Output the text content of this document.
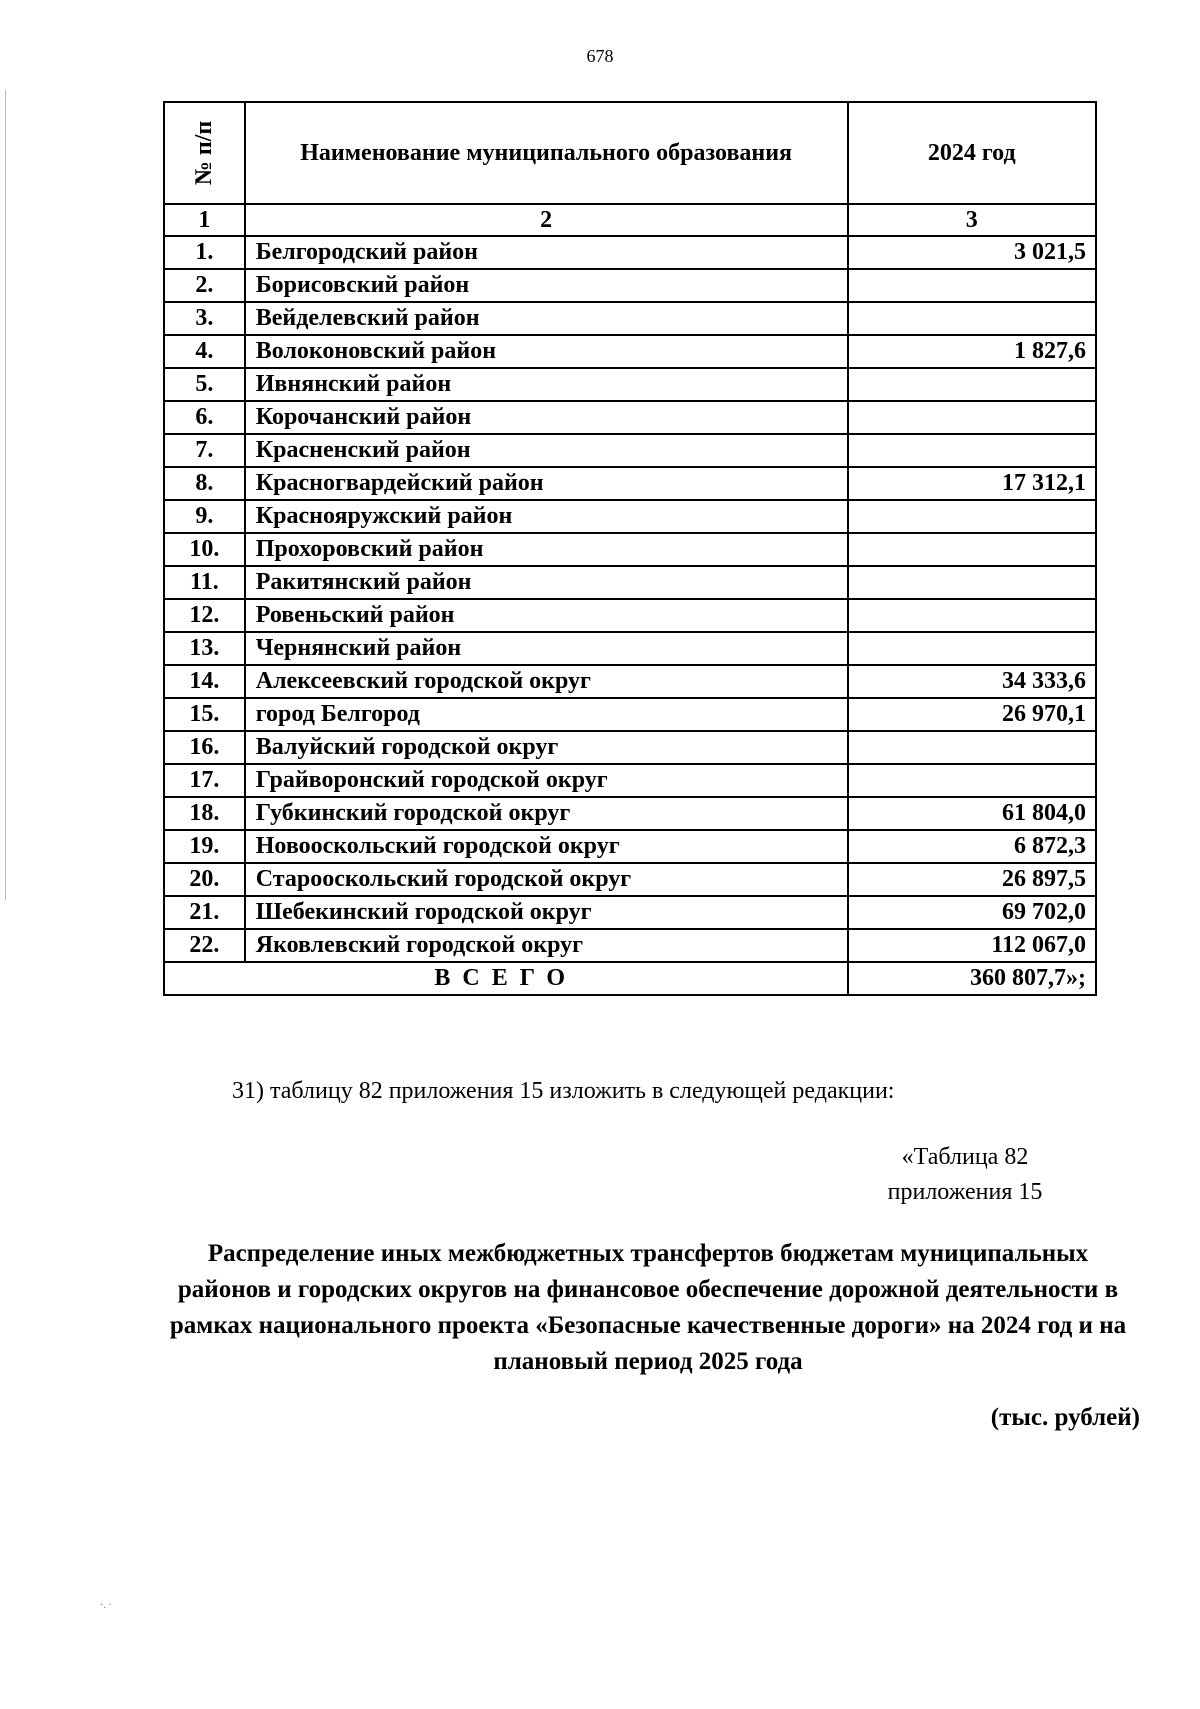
678
№ п/п	Наименование муниципального образования	2024 год
1	2	3
1.	Белгородский район	3 021,5
2.	Борисовский район	
3.	Вейделевский район	
4.	Волоконовский район	1 827,6
5.	Ивнянский район	
6.	Корочанский район	
7.	Красненский район	
8.	Красногвардейский район	17 312,1
9.	Краснояружский район	
10.	Прохоровский район	
11.	Ракитянский район	
12.	Ровеньский район	
13.	Чернянский район	
14.	Алексеевский городской округ	34 333,6
15.	город Белгород	26 970,1
16.	Валуйский городской округ	
17.	Грайворонский городской округ	
18.	Губкинский городской округ	61 804,0
19.	Новооскольский городской округ	6 872,3
20.	Старооскольский городской округ	26 897,5
21.	Шебекинский городской округ	69 702,0
22.	Яковлевский городской округ	112 067,0
ВСЕГО		360 807,7»;
31) таблицу 82 приложения 15 изложить в следующей редакции:
«Таблица 82
приложения 15
Распределение иных межбюджетных трансфертов бюджетам муниципальных районов и городских округов на финансовое обеспечение дорожной деятельности в рамках национального проекта «Безопасные качественные дороги» на 2024 год и на плановый период 2025 года
(тыс. рублей)
·. ·
